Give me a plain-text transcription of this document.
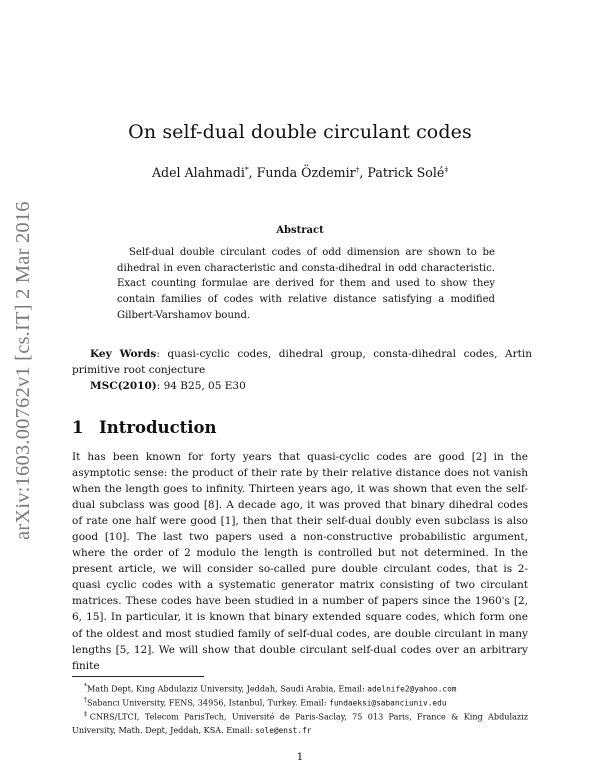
arXiv:1603.00762v1 [cs.IT] 2 Mar 2016
On self-dual double circulant codes
Adel Alahmadi*, Funda Özdemir†, Patrick Solé‡
Abstract
Self-dual double circulant codes of odd dimension are shown to be dihedral in even characteristic and consta-dihedral in odd characteristic. Exact counting formulae are derived for them and used to show they contain families of codes with relative distance satisfying a modified Gilbert-Varshamov bound.
Key Words: quasi-cyclic codes, dihedral group, consta-dihedral codes, Artin primitive root conjecture
MSC(2010): 94 B25, 05 E30
1 Introduction
It has been known for forty years that quasi-cyclic codes are good [2] in the asymptotic sense: the product of their rate by their relative distance does not vanish when the length goes to infinity. Thirteen years ago, it was shown that even the self-dual subclass was good [8]. A decade ago, it was proved that binary dihedral codes of rate one half were good [1], then that their self-dual doubly even subclass is also good [10]. The last two papers used a non-constructive probabilistic argument, where the order of 2 modulo the length is controlled but not determined. In the present article, we will consider so-called pure double circulant codes, that is 2-quasi cyclic codes with a systematic generator matrix consisting of two circulant matrices. These codes have been studied in a number of papers since the 1960's [2, 6, 15]. In particular, it is known that binary extended square codes, which form one of the oldest and most studied family of self-dual codes, are double circulant in many lengths [5, 12]. We will show that double circulant self-dual codes over an arbitrary finite
*Math Dept, King Abdulaziz University, Jeddah, Saudi Arabia, Email: adelnife2@yahoo.com
†Sabancı University, FENS, 34956, Istanbul, Turkey. Email: fundaeksi@sabanciuniv.edu
‡CNRS/LTCI, Telecom ParisTech, Université de Paris-Saclay, 75 013 Paris, France & King Abdulaziz University, Math. Dept, Jeddah, KSA. Email: sole@enst.fr
1
